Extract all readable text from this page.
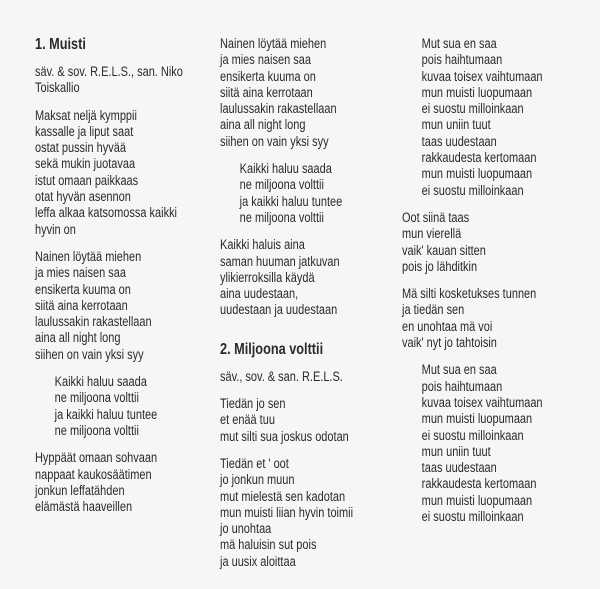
1. Muisti
säv. & sov. R.E.L.S., san. Niko
Toiskallio
Maksat neljä kymppii
kassalle ja liput saat
ostat pussin hyvää
sekä mukin juotavaa
istut omaan paikkaas
otat hyvän asennon
leffa alkaa katsomossa kaikki
hyvin on
Nainen löytää miehen
ja mies naisen saa
ensikerta kuuma on
siitä aina kerrotaan
laulussakin rakastellaan
aina all night long
siihen on vain yksi syy
Kaikki haluu saada
ne miljoona volttii
ja kaikki haluu tuntee
ne miljoona volttii
Hyppäät omaan sohvaan
nappaat kaukosäätimen
jonkun leffatähden
elämästä haaveillen
Nainen löytää miehen
ja mies naisen saa
ensikerta kuuma on
siitä aina kerrotaan
laulussakin rakastellaan
aina all night long
siihen on vain yksi syy
Kaikki haluu saada
ne miljoona volttii
ja kaikki haluu tuntee
ne miljoona volttii
Kaikki haluis aina
saman huuman jatkuvan
ylikierroksilla käydä
aina uudestaan,
uudestaan ja uudestaan
2. Miljoona volttii
säv., sov. & san. R.E.L.S.
Tiedän jo sen
et enää tuu
mut silti sua joskus odotan
Tiedän et ' oot
jo jonkun muun
mut mielestä sen kadotan
mun muisti liian hyvin toimii
jo unohtaa
mä haluisin sut pois
ja uusix aloittaa
Mut sua en saa
pois haihtumaan
kuvaa toisex vaihtumaan
mun muisti luopumaan
ei suostu milloinkaan
mun uniin tuut
taas uudestaan
rakkaudesta kertomaan
mun muisti luopumaan
ei suostu milloinkaan
Oot siinä taas
mun vierellä
vaik' kauan sitten
pois jo lähditkin
Mä silti kosketukses tunnen
ja tiedän sen
en unohtaa mä voi
vaik' nyt jo tahtoisin
Mut sua en saa
pois haihtumaan
kuvaa toisex vaihtumaan
mun muisti luopumaan
ei suostu milloinkaan
mun uniin tuut
taas uudestaan
rakkaudesta kertomaan
mun muisti luopumaan
ei suostu milloinkaan
